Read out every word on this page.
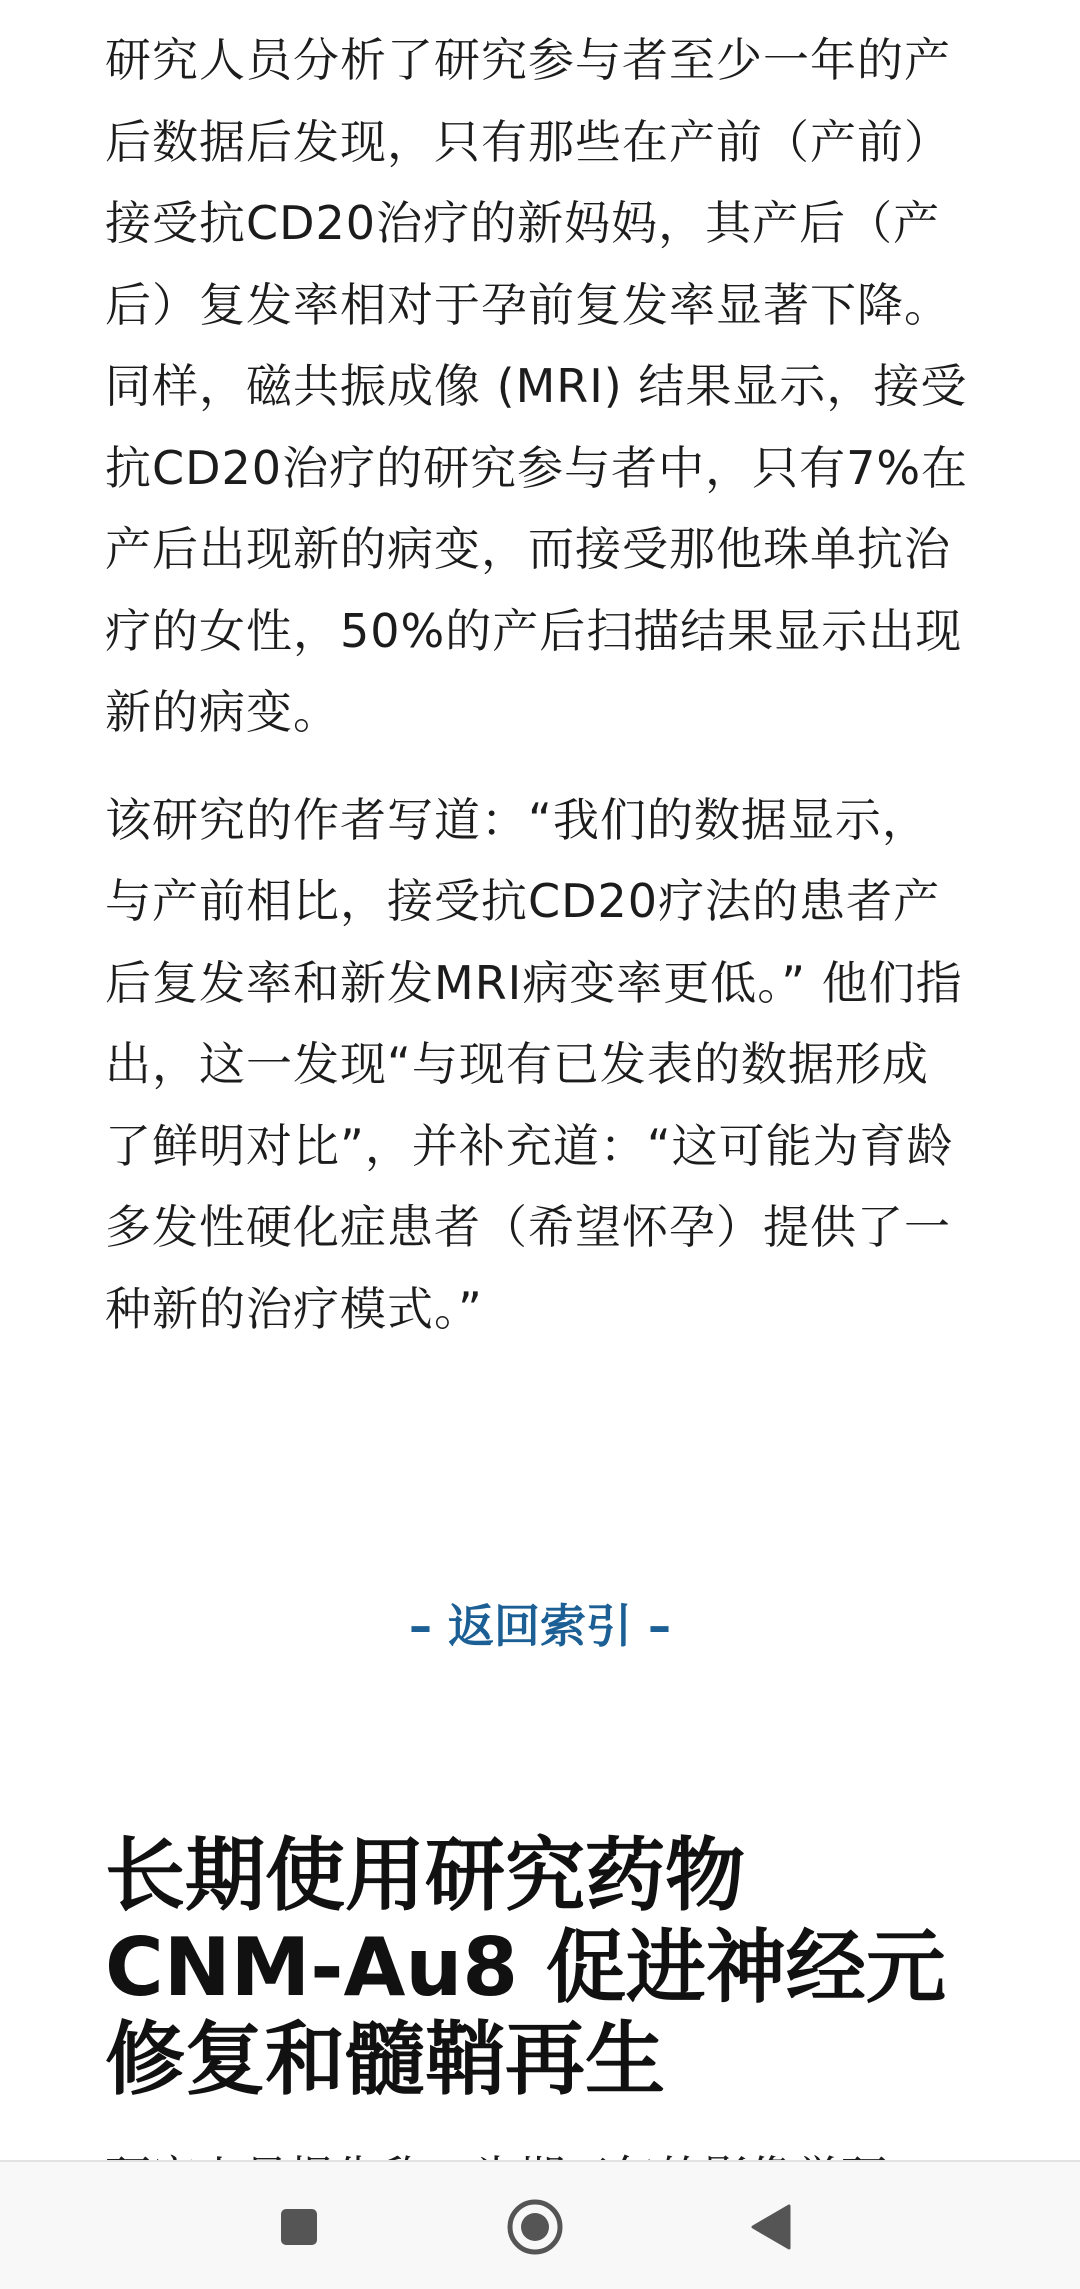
研究人员分析了研究参与者至少一年的产后数据后发现，只有那些在产前（产前）接受抗CD20治疗的新妈妈，其产后（产后）复发率相对于孕前复发率显著下降。同样，磁共振成像 (MRI) 结果显示，接受抗CD20治疗的研究参与者中，只有7%在产后出现新的病变，而接受那他珠单抗治疗的女性，50%的产后扫描结果显示出现新的病变。

该研究的作者写道：“我们的数据显示，与产前相比，接受抗CD20疗法的患者产后复发率和新发MRI病变率更低。” 他们指出，这一发现“与现有已发表的数据形成了鲜明对比”，并补充道：“这可能为育龄多发性硬化症患者（希望怀孕）提供了一种新的治疗模式。”

– 返回索引 –
长期使用研究药物 CNM-Au8 促进神经元修复和髓鞘再生
